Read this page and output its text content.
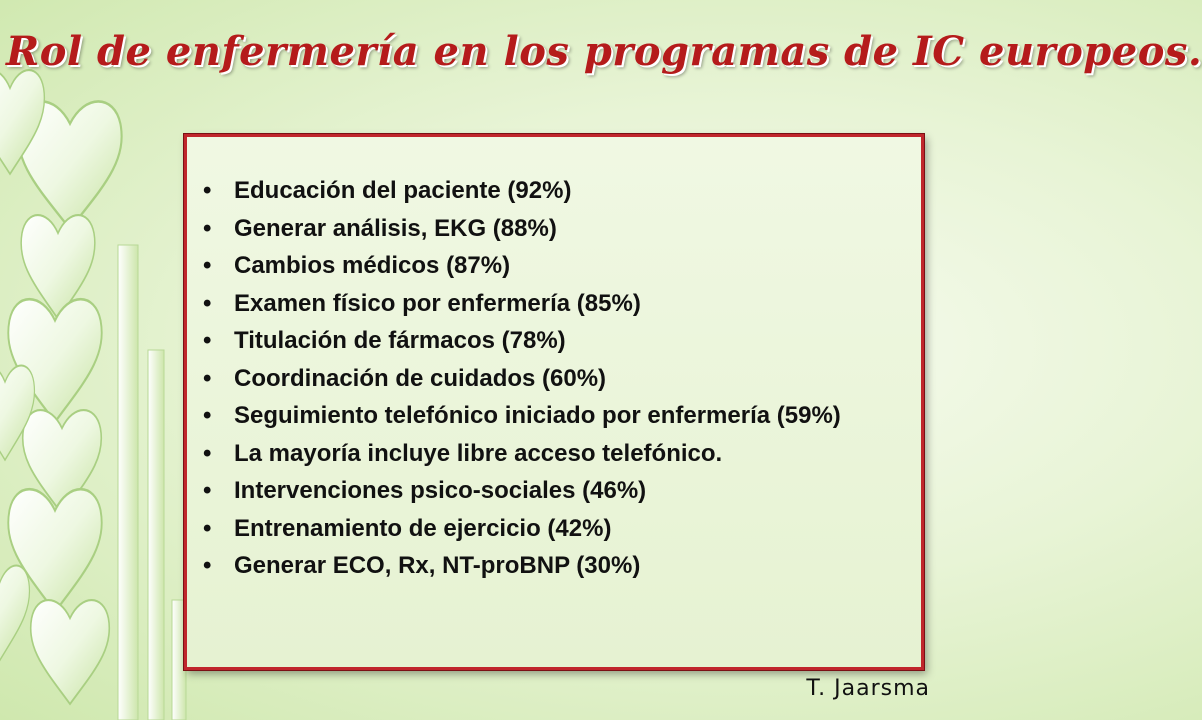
Rol de enfermería en los programas de IC europeos.
• Educación del paciente (92%)
• Generar análisis, EKG (88%)
• Cambios médicos (87%)
• Examen físico por enfermería (85%)
• Titulación de fármacos (78%)
• Coordinación de cuidados (60%)
• Seguimiento telefónico iniciado por enfermería (59%)
• La mayoría incluye libre acceso telefónico.
• Intervenciones psico-sociales (46%)
• Entrenamiento de ejercicio (42%)
• Generar ECO, Rx, NT-proBNP (30%)
T. Jaarsma
